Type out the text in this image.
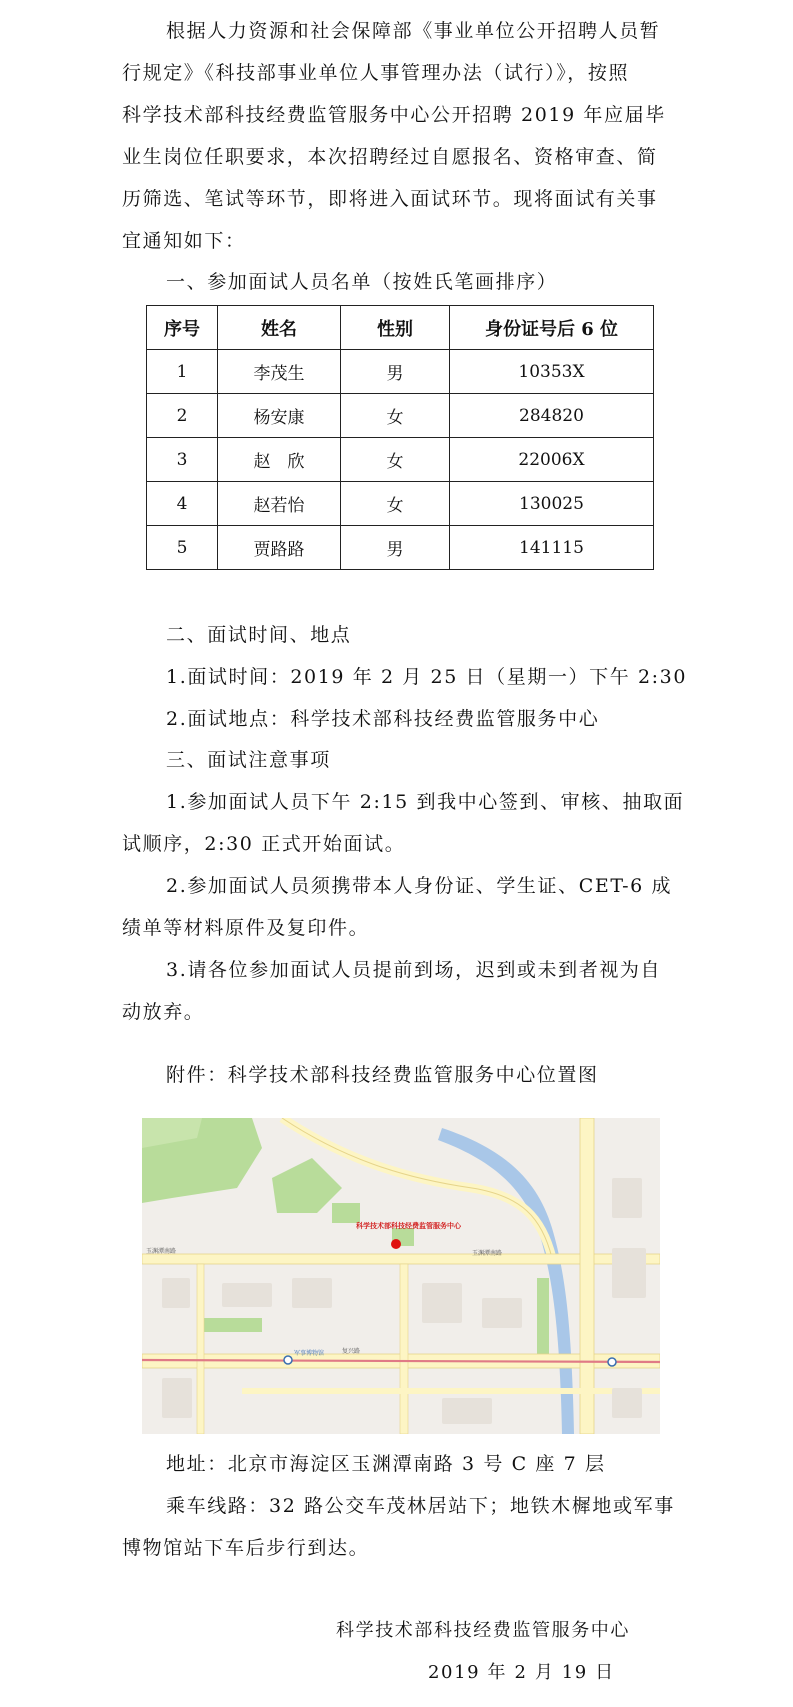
根据人力资源和社会保障部《事业单位公开招聘人员暂
行规定》《科技部事业单位人事管理办法（试行）》，按照
科学技术部科技经费监管服务中心公开招聘 2019 年应届毕
业生岗位任职要求，本次招聘经过自愿报名、资格审查、简
历筛选、笔试等环节，即将进入面试环节。现将面试有关事
宜通知如下：
一、参加面试人员名单（按姓氏笔画排序）
序号	姓名	性别	身份证号后 6 位
1	李茂生	男	10353X
2	杨安康	女	284820
3	赵　欣	女	22006X
4	赵若怡	女	130025
5	贾路路	男	141115
二、面试时间、地点
1.面试时间：2019 年 2 月 25 日（星期一）下午 2:30
2.面试地点：科学技术部科技经费监管服务中心
三、面试注意事项
1.参加面试人员下午 2:15 到我中心签到、审核、抽取面
试顺序，2:30 正式开始面试。
2.参加面试人员须携带本人身份证、学生证、CET-6 成
绩单等材料原件及复印件。
3.请各位参加面试人员提前到场，迟到或未到者视为自
动放弃。
附件：科学技术部科技经费监管服务中心位置图
科学技术部科技经费监管服务中心
玉渊潭南路	玉渊潭南路
复兴路
军事博物馆
地址：北京市海淀区玉渊潭南路 3 号 C 座 7 层
乘车线路：32 路公交车茂林居站下；地铁木樨地或军事
博物馆站下车后步行到达。
科学技术部科技经费监管服务中心
2019 年 2 月 19 日
